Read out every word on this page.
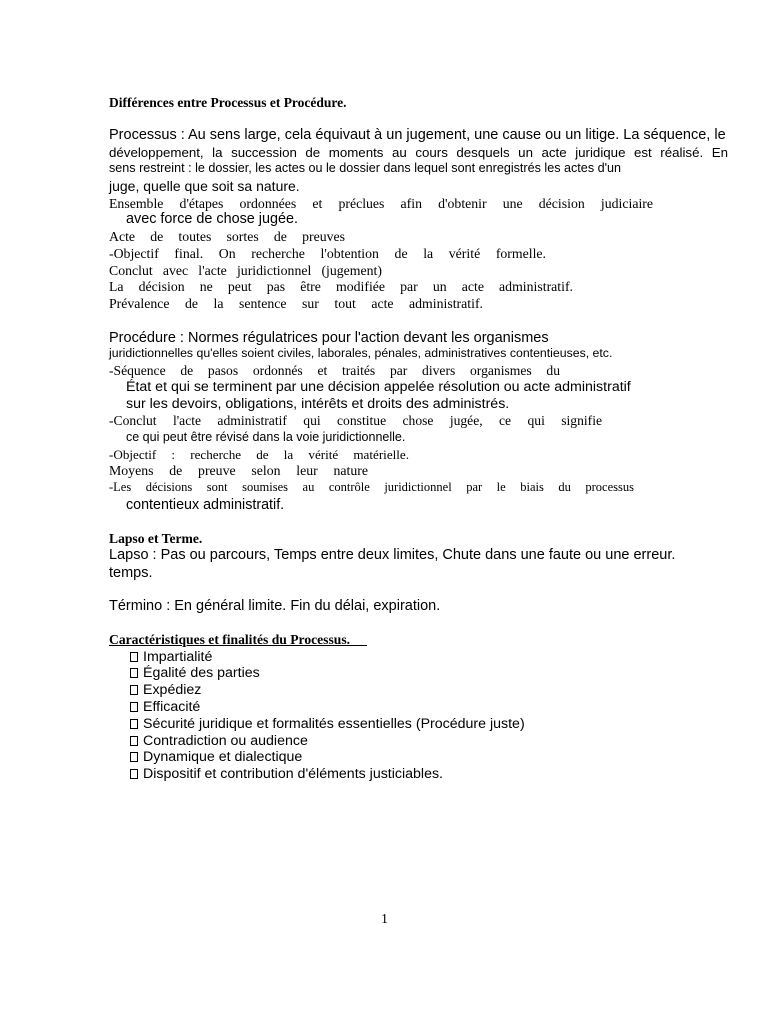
Différences entre Processus et Procédure.
Processus : Au sens large, cela équivaut à un jugement, une cause ou un litige. La séquence, le
développement, la succession de moments au cours desquels un acte juridique est réalisé. En
sens restreint : le dossier, les actes ou le dossier dans lequel sont enregistrés les actes d'un
juge, quelle que soit sa nature.
Ensemble d'étapes ordonnées et préclues afin d'obtenir une décision judiciaire
avec force de chose jugée.
Acte de toutes sortes de preuves
-Objectif final. On recherche l'obtention de la vérité formelle.
Conclut avec l'acte juridictionnel (jugement)
La décision ne peut pas être modifiée par un acte administratif.
Prévalence de la sentence sur tout acte administratif.
Procédure : Normes régulatrices pour l'action devant les organismes
juridictionnelles qu'elles soient civiles, laborales, pénales, administratives contentieuses, etc.
-Séquence de pasos ordonnés et traités par divers organismes du
État et qui se terminent par une décision appelée résolution ou acte administratif
sur les devoirs, obligations, intérêts et droits des administrés.
-Conclut l'acte administratif qui constitue chose jugée, ce qui signifie
ce qui peut être révisé dans la voie juridictionnelle.
-Objectif : recherche de la vérité matérielle.
Moyens de preuve selon leur nature
-Les décisions sont soumises au contrôle juridictionnel par le biais du processus
contentieux administratif.
Lapso et Terme.
Lapso : Pas ou parcours, Temps entre deux limites, Chute dans une faute ou une erreur.
temps.
Término : En général limite. Fin du délai, expiration.
Caractéristiques et finalités du Processus.
Impartialité
Égalité des parties
Expédiez
Efficacité
Sécurité juridique et formalités essentielles (Procédure juste)
Contradiction ou audience
Dynamique et dialectique
Dispositif et contribution d'éléments justiciables.
1
